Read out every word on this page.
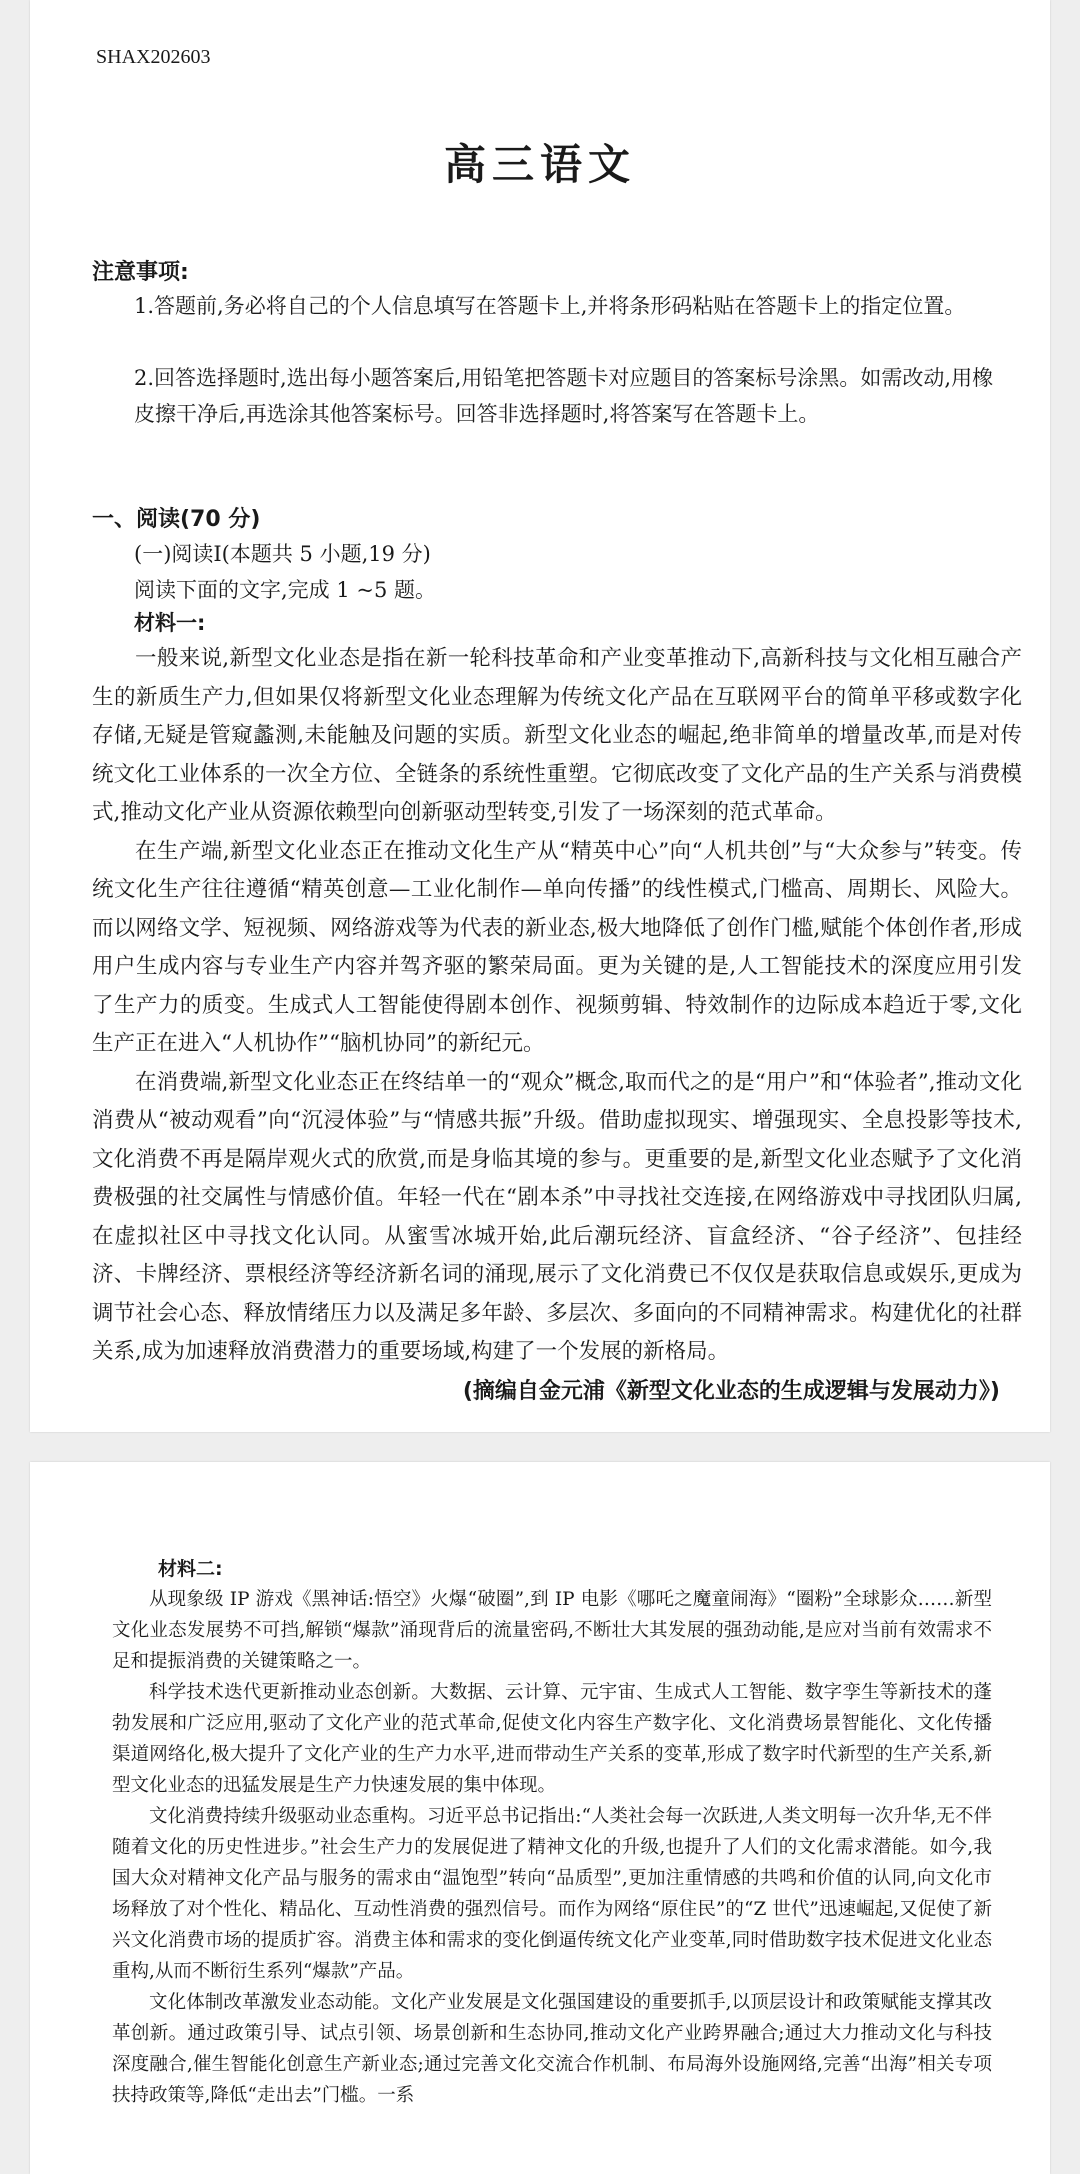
SHAX202603
高三语文
注意事项:
1.答题前,务必将自己的个人信息填写在答题卡上,并将条形码粘贴在答题卡上的指定位置。
2.回答选择题时,选出每小题答案后,用铅笔把答题卡对应题目的答案标号涂黑。如需改动,用橡皮擦干净后,再选涂其他答案标号。回答非选择题时,将答案写在答题卡上。
一、阅读(70 分)
(一)阅读Ⅰ(本题共 5 小题,19 分)
阅读下面的文字,完成 1 ~5 题。
材料一:

一般来说,新型文化业态是指在新一轮科技革命和产业变革推动下,高新科技与文化相互融合产生的新质生产力,但如果仅将新型文化业态理解为传统文化产品在互联网平台的简单平移或数字化存储,无疑是管窥蠡测,未能触及问题的实质。新型文化业态的崛起,绝非简单的增量改革,而是对传统文化工业体系的一次全方位、全链条的系统性重塑。它彻底改变了文化产品的生产关系与消费模式,推动文化产业从资源依赖型向创新驱动型转变,引发了一场深刻的范式革命。

在生产端,新型文化业态正在推动文化生产从“精英中心”向“人机共创”与“大众参与”转变。传统文化生产往往遵循“精英创意—工业化制作—单向传播”的线性模式,门槛高、周期长、风险大。而以网络文学、短视频、网络游戏等为代表的新业态,极大地降低了创作门槛,赋能个体创作者,形成用户生成内容与专业生产内容并驾齐驱的繁荣局面。更为关键的是,人工智能技术的深度应用引发了生产力的质变。生成式人工智能使得剧本创作、视频剪辑、特效制作的边际成本趋近于零,文化生产正在进入“人机协作”“脑机协同”的新纪元。

在消费端,新型文化业态正在终结单一的“观众”概念,取而代之的是“用户”和“体验者”,推动文化消费从“被动观看”向“沉浸体验”与“情感共振”升级。借助虚拟现实、增强现实、全息投影等技术,文化消费不再是隔岸观火式的欣赏,而是身临其境的参与。更重要的是,新型文化业态赋予了文化消费极强的社交属性与情感价值。年轻一代在“剧本杀”中寻找社交连接,在网络游戏中寻找团队归属,在虚拟社区中寻找文化认同。从蜜雪冰城开始,此后潮玩经济、盲盒经济、“谷子经济”、包挂经济、卡牌经济、票根经济等经济新名词的涌现,展示了文化消费已不仅仅是获取信息或娱乐,更成为调节社会心态、释放情绪压力以及满足多年龄、多层次、多面向的不同精神需求。构建优化的社群关系,成为加速释放消费潜力的重要场域,构建了一个发展的新格局。

(摘编自金元浦《新型文化业态的生成逻辑与发展动力》)
材料二:

从现象级 IP 游戏《黑神话:悟空》火爆“破圈”,到 IP 电影《哪吒之魔童闹海》“圈粉”全球影众……新型文化业态发展势不可挡,解锁“爆款”涌现背后的流量密码,不断壮大其发展的强劲动能,是应对当前有效需求不足和提振消费的关键策略之一。

科学技术迭代更新推动业态创新。大数据、云计算、元宇宙、生成式人工智能、数字孪生等新技术的蓬勃发展和广泛应用,驱动了文化产业的范式革命,促使文化内容生产数字化、文化消费场景智能化、文化传播渠道网络化,极大提升了文化产业的生产力水平,进而带动生产关系的变革,形成了数字时代新型的生产关系,新型文化业态的迅猛发展是生产力快速发展的集中体现。

文化消费持续升级驱动业态重构。习近平总书记指出:“人类社会每一次跃进,人类文明每一次升华,无不伴随着文化的历史性进步。”社会生产力的发展促进了精神文化的升级,也提升了人们的文化需求潜能。如今,我国大众对精神文化产品与服务的需求由“温饱型”转向“品质型”,更加注重情感的共鸣和价值的认同,向文化市场释放了对个性化、精品化、互动性消费的强烈信号。而作为网络“原住民”的“Z 世代”迅速崛起,又促使了新兴文化消费市场的提质扩容。消费主体和需求的变化倒逼传统文化产业变革,同时借助数字技术促进文化业态重构,从而不断衍生系列“爆款”产品。

文化体制改革激发业态动能。文化产业发展是文化强国建设的重要抓手,以顶层设计和政策赋能支撑其改革创新。通过政策引导、试点引领、场景创新和生态协同,推动文化产业跨界融合;通过大力推动文化与科技深度融合,催生智能化创意生产新业态;通过完善文化交流合作机制、布局海外设施网络,完善“出海”相关专项扶持政策等,降低“走出去”门槛。一系
